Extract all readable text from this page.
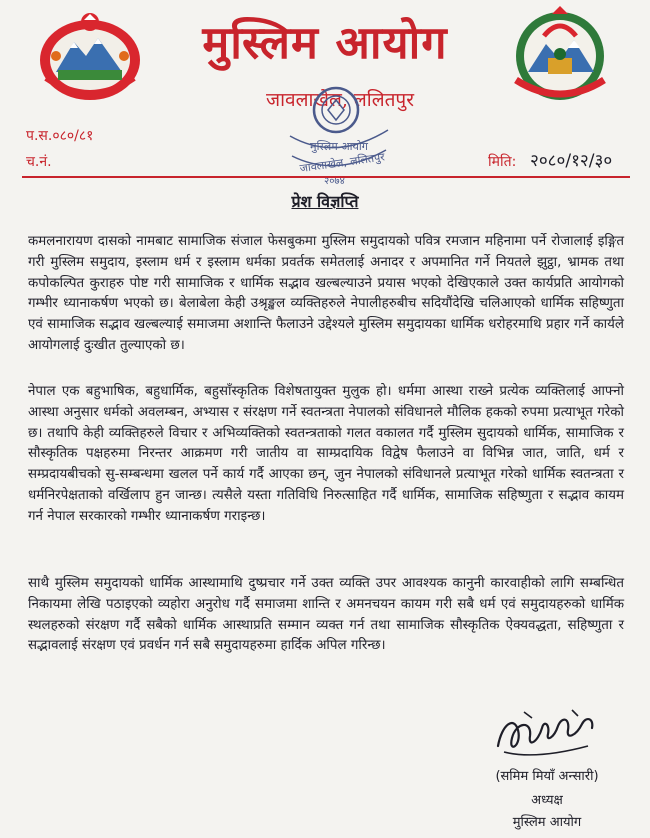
मुस्लिम आयोग
जावलाखेल, ललितपुर
मुस्लिम आयोग
जावलाखेल, ललितपुर
२०७४
प.स.०८०/८१
च.नं.	मिति: २०८०/१२/३०
प्रेश विज्ञप्ति

कमलनारायण दासको नामबाट सामाजिक संजाल फेसबुकमा मुस्लिम समुदायको पवित्र रमजान महिनामा पर्ने रोजालाई इङ्गित गरी मुस्लिम समुदाय, इस्लाम धर्म र इस्लाम धर्मका प्रवर्तक समेतलाई अनादर र अपमानित गर्ने नियतले झुट्ठा, भ्रामक तथा कपोकल्पित कुराहरु पोष्ट गरी सामाजिक र धार्मिक सद्भाव खल्बल्याउने प्रयास भएको देखिएकाले उक्त कार्यप्रति आयोगको गम्भीर ध्यानाकर्षण भएको छ। बेलाबेला केही उश्रृङ्खल व्यक्तिहरुले नेपालीहरुबीच सदियौंदेखि चलिआएको धार्मिक सहिष्णुता एवं सामाजिक सद्भाव खल्बल्याई समाजमा अशान्ति फैलाउने उद्देश्यले मुस्लिम समुदायका धार्मिक धरोहरमाथि प्रहार गर्ने कार्यले आयोगलाई दुःखीत तुल्याएको छ।

नेपाल एक बहुभाषिक, बहुधार्मिक, बहुसाँस्कृतिक विशेषतायुक्त मुलुक हो। धर्ममा आस्था राख्ने प्रत्येक व्यक्तिलाई आफ्नो आस्था अनुसार धर्मको अवलम्बन, अभ्यास र संरक्षण गर्ने स्वतन्त्रता नेपालको संविधानले मौलिक हकको रुपमा प्रत्याभूत गरेको छ। तथापि केही व्यक्तिहरुले विचार र अभिव्यक्तिको स्वतन्त्रताको गलत वकालत गर्दै मुस्लिम सुदायको धार्मिक, सामाजिक र सौस्कृतिक पक्षहरुमा निरन्तर आक्रमण गरी जातीय वा साम्प्रदायिक विद्वेष फैलाउने वा विभिन्न जात, जाति, धर्म र सम्प्रदायबीचको सु-सम्बन्धमा खलल पर्ने कार्य गर्दै आएका छन्, जुन नेपालको संविधानले प्रत्याभूत गरेको धार्मिक स्वतन्त्रता र धर्मनिरपेक्षताको वर्खिलाप हुन जान्छ। त्यसैले यस्ता गतिविधि निरुत्साहित गर्दै धार्मिक, सामाजिक सहिष्णुता र सद्भाव कायम गर्न नेपाल सरकारको गम्भीर ध्यानाकर्षण गराइन्छ।

साथै मुस्लिम समुदायको धार्मिक आस्थामाथि दुष्प्रचार गर्ने उक्त व्यक्ति उपर आवश्यक कानुनी कारवाहीको लागि सम्बन्धित निकायमा लेखि पठाइएको व्यहोरा अनुरोध गर्दै समाजमा शान्ति र अमनचयन कायम गरी सबै धर्म एवं समुदायहरुको धार्मिक स्थलहरुको संरक्षण गर्दै सबैको धार्मिक आस्थाप्रति सम्मान व्यक्त गर्न तथा सामाजिक सौस्कृतिक ऐक्यवद्धता, सहिष्णुता र सद्भावलाई संरक्षण एवं प्रवर्धन गर्न सबै समुदायहरुमा हार्दिक अपिल गरिन्छ।

(समिम मियाँ अन्सारी)
अध्यक्ष
मुस्लिम आयोग
